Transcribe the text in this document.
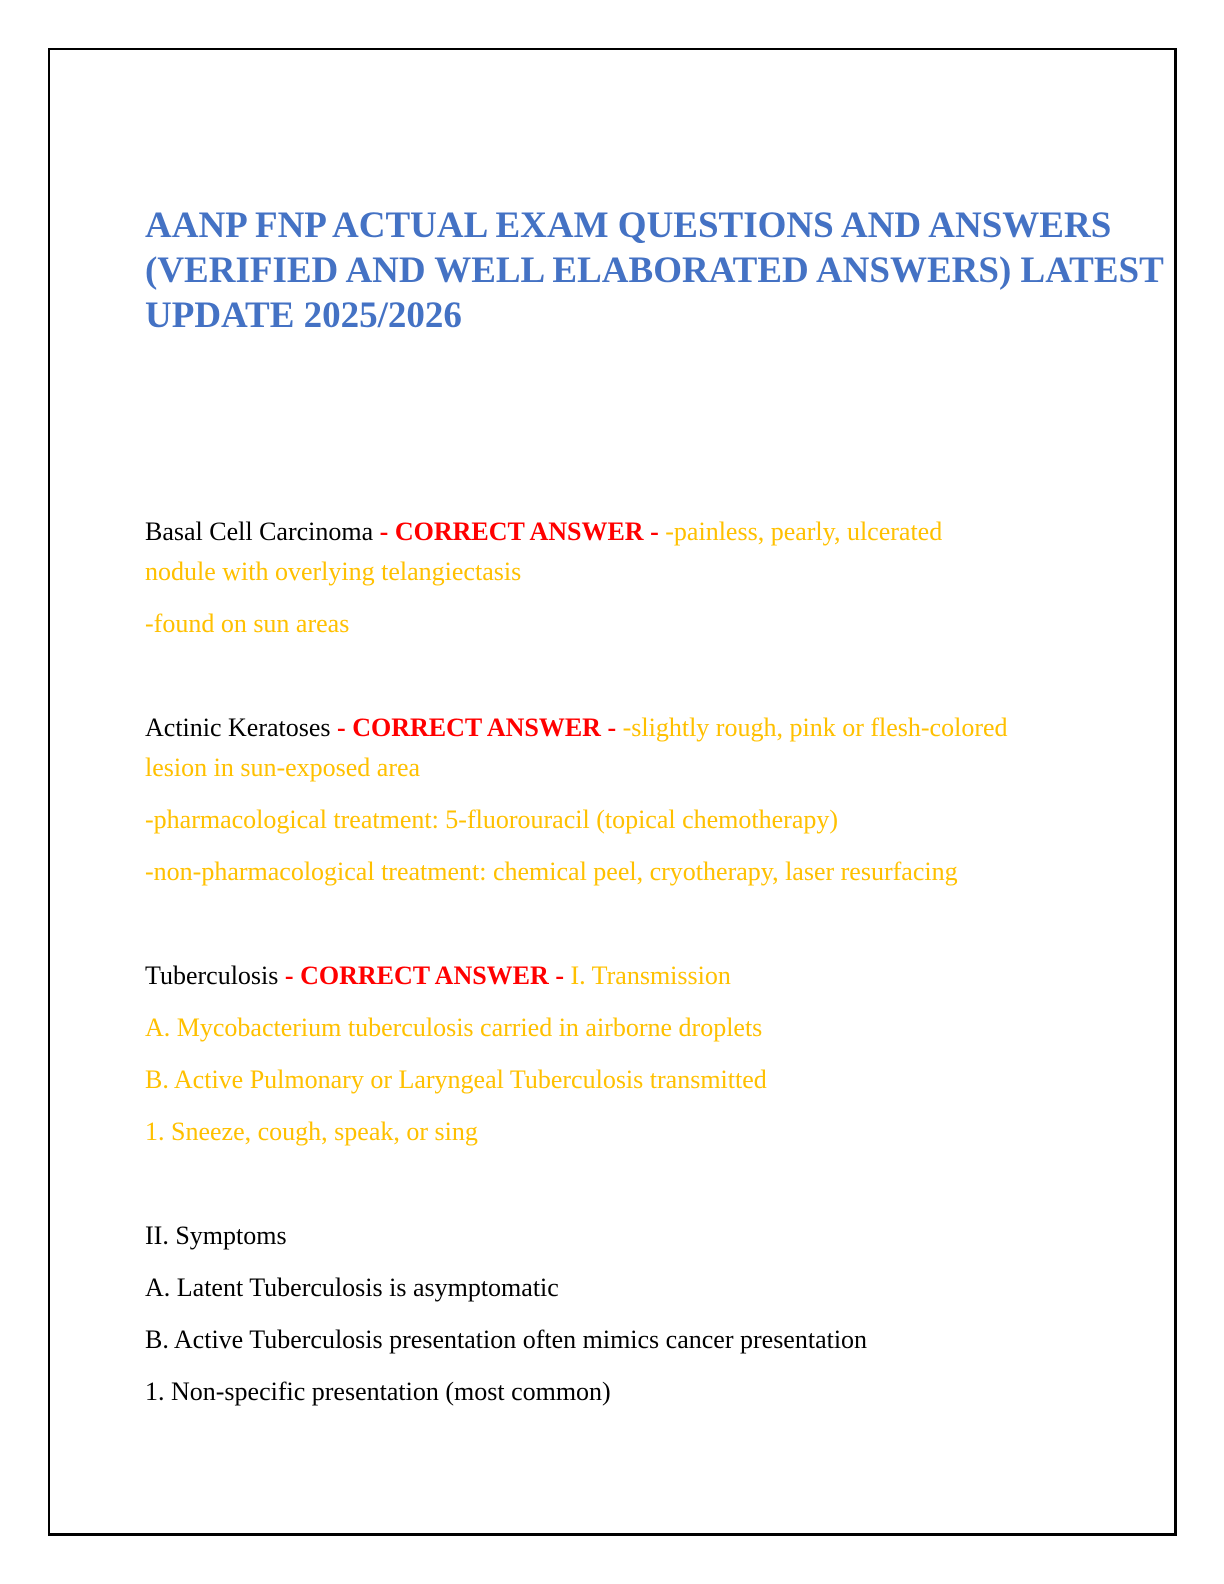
AANP FNP ACTUAL EXAM QUESTIONS AND ANSWERS
(VERIFIED AND WELL ELABORATED ANSWERS) LATEST
UPDATE 2025/2026

Basal Cell Carcinoma - CORRECT ANSWER - -painless, pearly, ulcerated
nodule with overlying telangiectasis

-found on sun areas

Actinic Keratoses - CORRECT ANSWER - -slightly rough, pink or flesh-colored
lesion in sun-exposed area

-pharmacological treatment: 5-fluorouracil (topical chemotherapy)

-non-pharmacological treatment: chemical peel, cryotherapy, laser resurfacing

Tuberculosis - CORRECT ANSWER - I. Transmission

A. Mycobacterium tuberculosis carried in airborne droplets

B. Active Pulmonary or Laryngeal Tuberculosis transmitted

1. Sneeze, cough, speak, or sing

II. Symptoms

A. Latent Tuberculosis is asymptomatic

B. Active Tuberculosis presentation often mimics cancer presentation

1. Non-specific presentation (most common)
